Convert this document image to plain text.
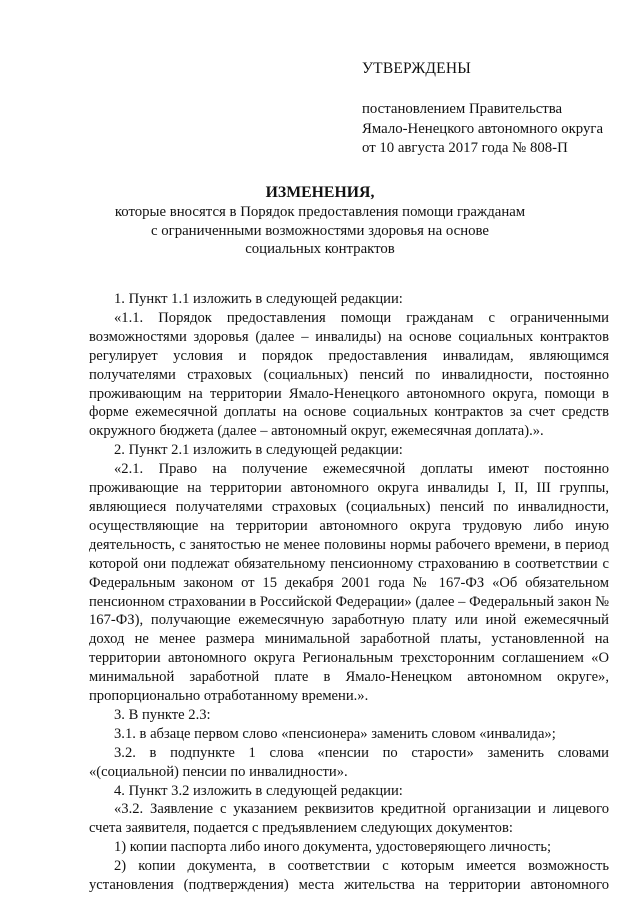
УТВЕРЖДЕНЫ
постановлением Правительства
Ямало-Ненецкого автономного округа
от 10 августа 2017 года № 808-П
ИЗМЕНЕНИЯ,
которые вносятся в Порядок предоставления помощи гражданам
с ограниченными возможностями здоровья на основе
социальных контрактов
1. Пункт 1.1 изложить в следующей редакции:
«1.1. Порядок предоставления помощи гражданам с ограниченными возможностями здоровья (далее – инвалиды) на основе социальных контрактов регулирует условия и порядок предоставления инвалидам, являющимся получателями страховых (социальных) пенсий по инвалидности, постоянно проживающим на территории Ямало-Ненецкого автономного округа, помощи в форме ежемесячной доплаты на основе социальных контрактов за счет средств окружного бюджета (далее – автономный округ, ежемесячная доплата).».
2. Пункт 2.1 изложить в следующей редакции:
«2.1. Право на получение ежемесячной доплаты имеют постоянно проживающие на территории автономного округа инвалиды I, II, III группы, являющиеся получателями страховых (социальных) пенсий по инвалидности, осуществляющие на территории автономного округа трудовую либо иную деятельность, с занятостью не менее половины нормы рабочего времени, в период которой они подлежат обязательному пенсионному страхованию в соответствии с Федеральным законом от 15 декабря 2001 года № 167-ФЗ «Об обязательном пенсионном страховании в Российской Федерации» (далее – Федеральный закон № 167-ФЗ), получающие ежемесячную заработную плату или иной ежемесячный доход не менее размера минимальной заработной платы, установленной на территории автономного округа Региональным трехсторонним соглашением «О минимальной заработной плате в Ямало-Ненецком автономном округе», пропорционально отработанному времени.».
3. В пункте 2.3:
3.1. в абзаце первом слово «пенсионера» заменить словом «инвалида»;
3.2. в подпункте 1 слова «пенсии по старости» заменить словами «(социальной) пенсии по инвалидности».
4. Пункт 3.2 изложить в следующей редакции:
«3.2. Заявление с указанием реквизитов кредитной организации и лицевого счета заявителя, подается с предъявлением следующих документов:
1) копии паспорта либо иного документа, удостоверяющего личность;
2) копии документа, в соответствии с которым имеется возможность установления (подтверждения) места жительства на территории автономного
